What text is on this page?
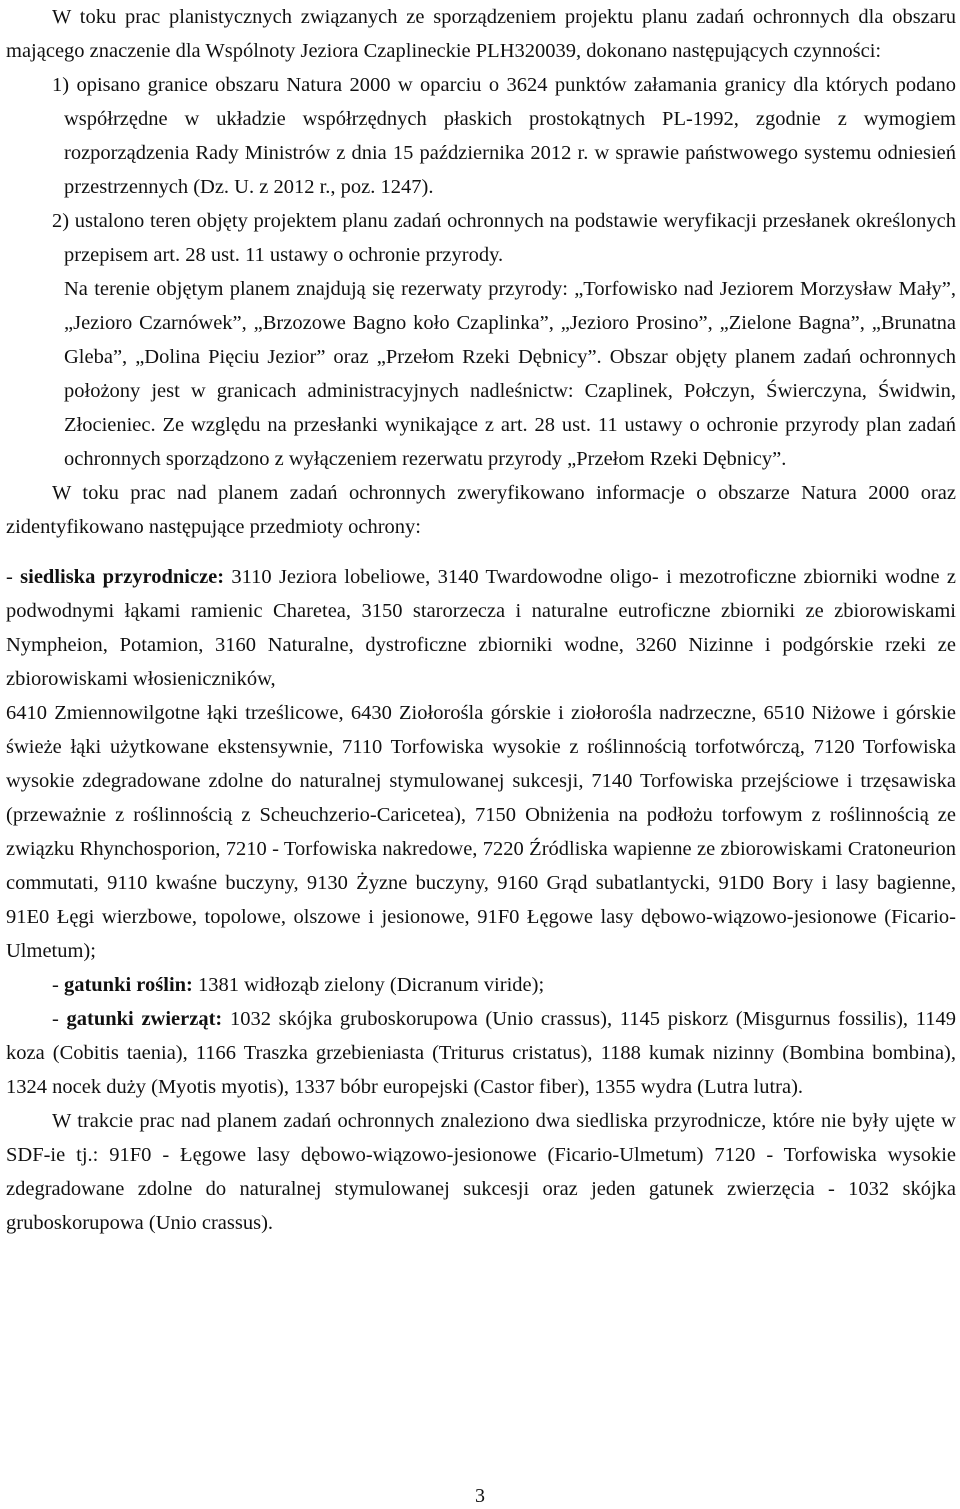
W toku prac planistycznych związanych ze sporządzeniem projektu planu zadań ochronnych dla obszaru mającego znaczenie dla Wspólnoty Jeziora Czaplineckie PLH320039, dokonano następujących czynności:

1) opisano granice obszaru Natura 2000 w oparciu o 3624 punktów załamania granicy dla których podano współrzędne w układzie współrzędnych płaskich prostokątnych PL-1992, zgodnie z wymogiem rozporządzenia Rady Ministrów z dnia 15 października 2012 r. w sprawie państwowego systemu odniesień przestrzennych (Dz. U. z 2012 r., poz. 1247).

2) ustalono teren objęty projektem planu zadań ochronnych na podstawie weryfikacji przesłanek określonych przepisem art. 28 ust. 11 ustawy o ochronie przyrody.

Na terenie objętym planem znajdują się rezerwaty przyrody: „Torfowisko nad Jeziorem Morzysław Mały”, „Jezioro Czarnówek”, „Brzozowe Bagno koło Czaplinka”, „Jezioro Prosino”, „Zielone Bagna”, „Brunatna Gleba”, „Dolina Pięciu Jezior” oraz „Przełom Rzeki Dębnicy”. Obszar objęty planem zadań ochronnych położony jest w granicach administracyjnych nadleśnictw: Czaplinek, Połczyn, Świerczyna, Świdwin, Złocieniec. Ze względu na przesłanki wynikające z art. 28 ust. 11 ustawy o ochronie przyrody plan zadań ochronnych sporządzono z wyłączeniem rezerwatu przyrody „Przełom Rzeki Dębnicy”.

W toku prac nad planem zadań ochronnych zweryfikowano informacje o obszarze Natura 2000 oraz zidentyfikowano następujące przedmioty ochrony:

- siedliska przyrodnicze: 3110 Jeziora lobeliowe, 3140 Twardowodne oligo- i mezotroficzne zbiorniki wodne z podwodnymi łąkami ramienic Charetea, 3150 starorzecza i naturalne eutroficzne zbiorniki ze zbiorowiskami Nympheion, Potamion, 3160 Naturalne, dystroficzne zbiorniki wodne, 3260 Nizinne i podgórskie rzeki ze zbiorowiskami włosieniczników,

6410 Zmiennowilgotne łąki trześlicowe, 6430 Ziołorośla górskie i ziołorośla nadrzeczne, 6510 Niżowe i górskie świeże łąki użytkowane ekstensywnie, 7110 Torfowiska wysokie z roślinnością torfotwórczą, 7120 Torfowiska wysokie zdegradowane zdolne do naturalnej stymulowanej sukcesji, 7140 Torfowiska przejściowe i trzęsawiska (przeważnie z roślinnością z Scheuchzerio-Caricetea), 7150 Obniżenia na podłożu torfowym z roślinnością ze związku Rhynchosporion, 7210 - Torfowiska nakredowe, 7220 Źródliska wapienne ze zbiorowiskami Cratoneurion commutati, 9110 kwaśne buczyny, 9130 Żyzne buczyny, 9160 Grąd subatlantycki, 91D0 Bory i lasy bagienne, 91E0 Łęgi wierzbowe, topolowe, olszowe i jesionowe, 91F0 Łęgowe lasy dębowo-wiązowo-jesionowe (Ficario-Ulmetum);

- gatunki roślin: 1381 widłoząb zielony (Dicranum viride);

- gatunki zwierząt: 1032 skójka gruboskorupowa (Unio crassus), 1145 piskorz (Misgurnus fossilis), 1149 koza (Cobitis taenia), 1166 Traszka grzebieniasta (Triturus cristatus), 1188 kumak nizinny (Bombina bombina), 1324 nocek duży (Myotis myotis), 1337 bóbr europejski (Castor fiber), 1355 wydra (Lutra lutra).

W trakcie prac nad planem zadań ochronnych znaleziono dwa siedliska przyrodnicze, które nie były ujęte w SDF-ie tj.: 91F0 - Łęgowe lasy dębowo-wiązowo-jesionowe (Ficario-Ulmetum) 7120 - Torfowiska wysokie zdegradowane zdolne do naturalnej stymulowanej sukcesji oraz jeden gatunek zwierzęcia - 1032 skójka gruboskorupowa (Unio crassus).

3
